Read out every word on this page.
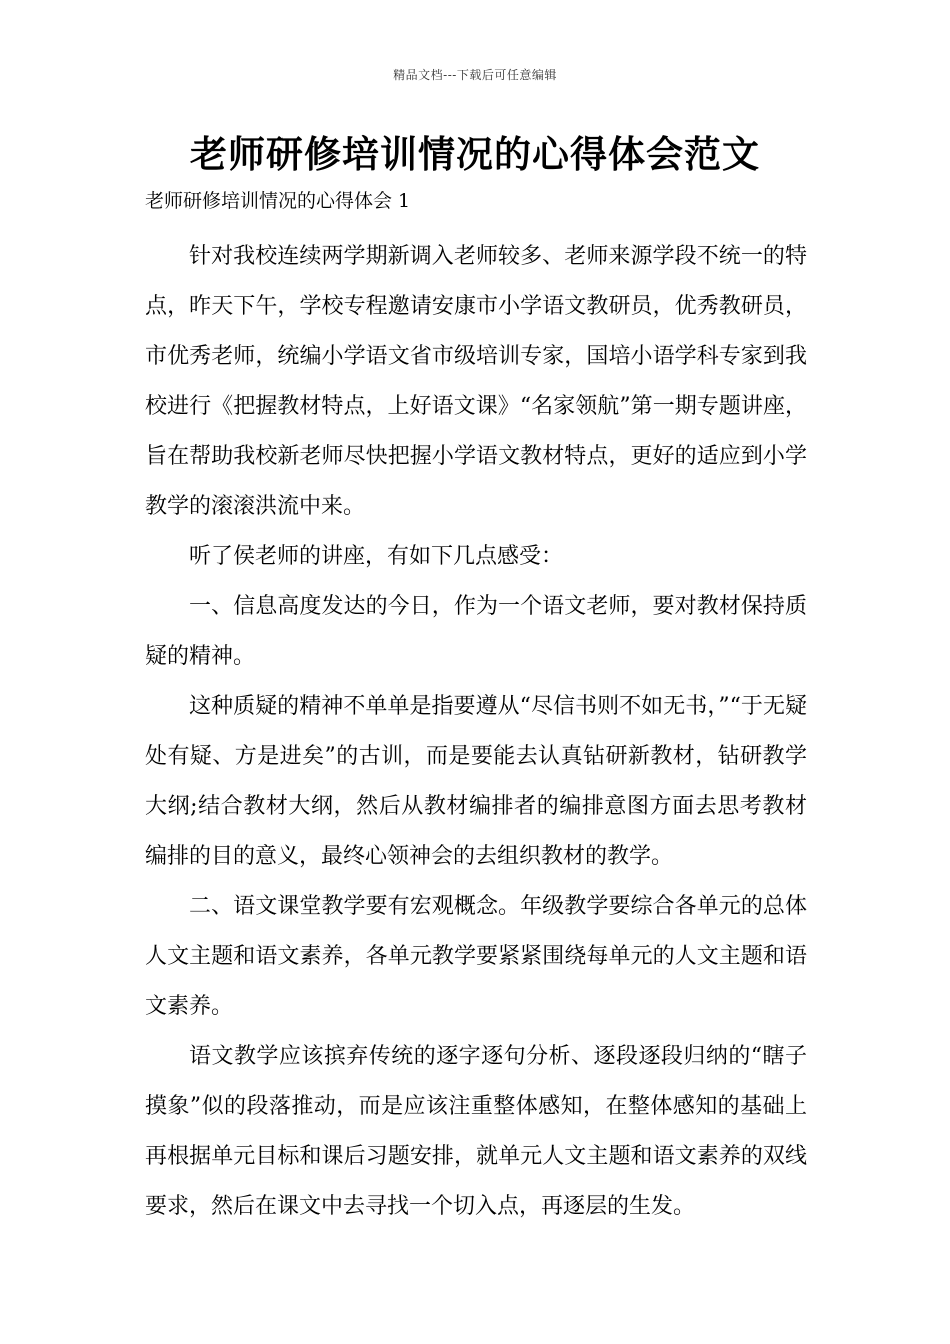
精品文档---下载后可任意编辑
老师研修培训情况的心得体会范文

老师研修培训情况的心得体会 1

针对我校连续两学期新调入老师较多、老师来源学段不统一的特点，昨天下午，学校专程邀请安康市小学语文教研员，优秀教研员，市优秀老师，统编小学语文省市级培训专家，国培小语学科专家到我校进行《把握教材特点，上好语文课》“名家领航”第一期专题讲座，旨在帮助我校新老师尽快把握小学语文教材特点，更好的适应到小学教学的滚滚洪流中来。

听了侯老师的讲座，有如下几点感受：

一、信息高度发达的今日，作为一个语文老师，要对教材保持质疑的精神。

这种质疑的精神不单单是指要遵从“尽信书则不如无书，”“于无疑处有疑、方是进矣”的古训，而是要能去认真钻研新教材，钻研教学大纲;结合教材大纲，然后从教材编排者的编排意图方面去思考教材编排的目的意义，最终心领神会的去组织教材的教学。

二、语文课堂教学要有宏观概念。年级教学要综合各单元的总体人文主题和语文素养，各单元教学要紧紧围绕每单元的人文主题和语文素养。

语文教学应该摈弃传统的逐字逐句分析、逐段逐段归纳的“瞎子摸象”似的段落推动，而是应该注重整体感知，在整体感知的基础上再根据单元目标和课后习题安排，就单元人文主题和语文素养的双线要求，然后在课文中去寻找一个切入点，再逐层的生发。
